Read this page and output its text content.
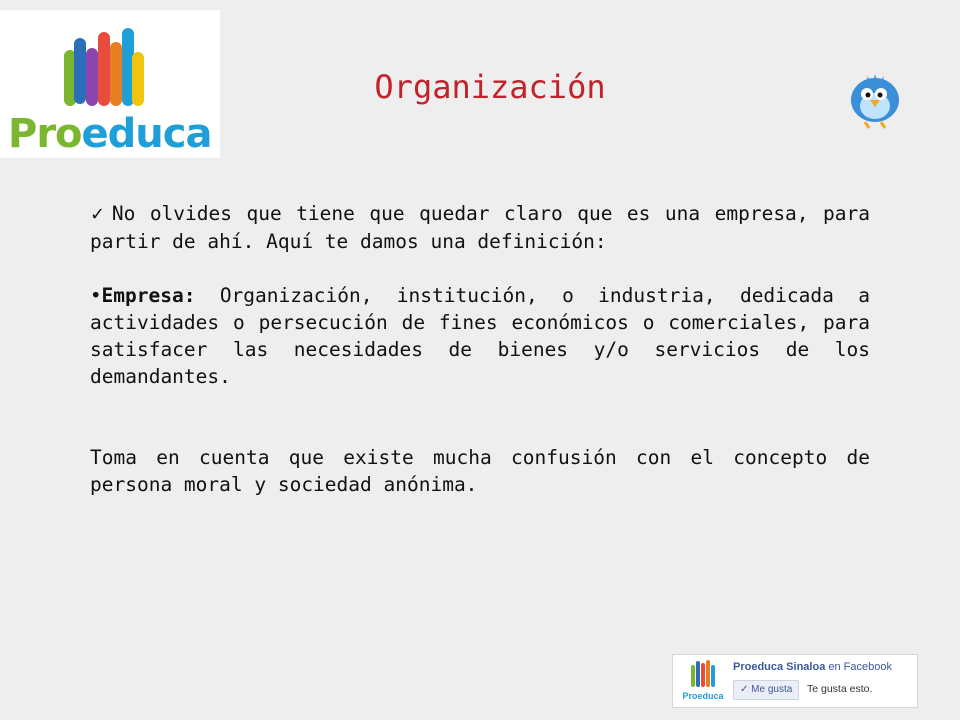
Proeduca
Organización

✓ No olvides que tiene que quedar claro que es una empresa, para partir de ahí. Aquí te damos una definición:

•Empresa: Organización, institución, o industria, dedicada a actividades o persecución de fines económicos o comerciales, para satisfacer las necesidades de bienes y/o servicios de los demandantes.

Toma en cuenta que existe mucha confusión con el concepto de persona moral y sociedad anónima.

Proeduca
Proeduca Sinaloa en Facebook
✓ Me gusta	Te gusta esto.
